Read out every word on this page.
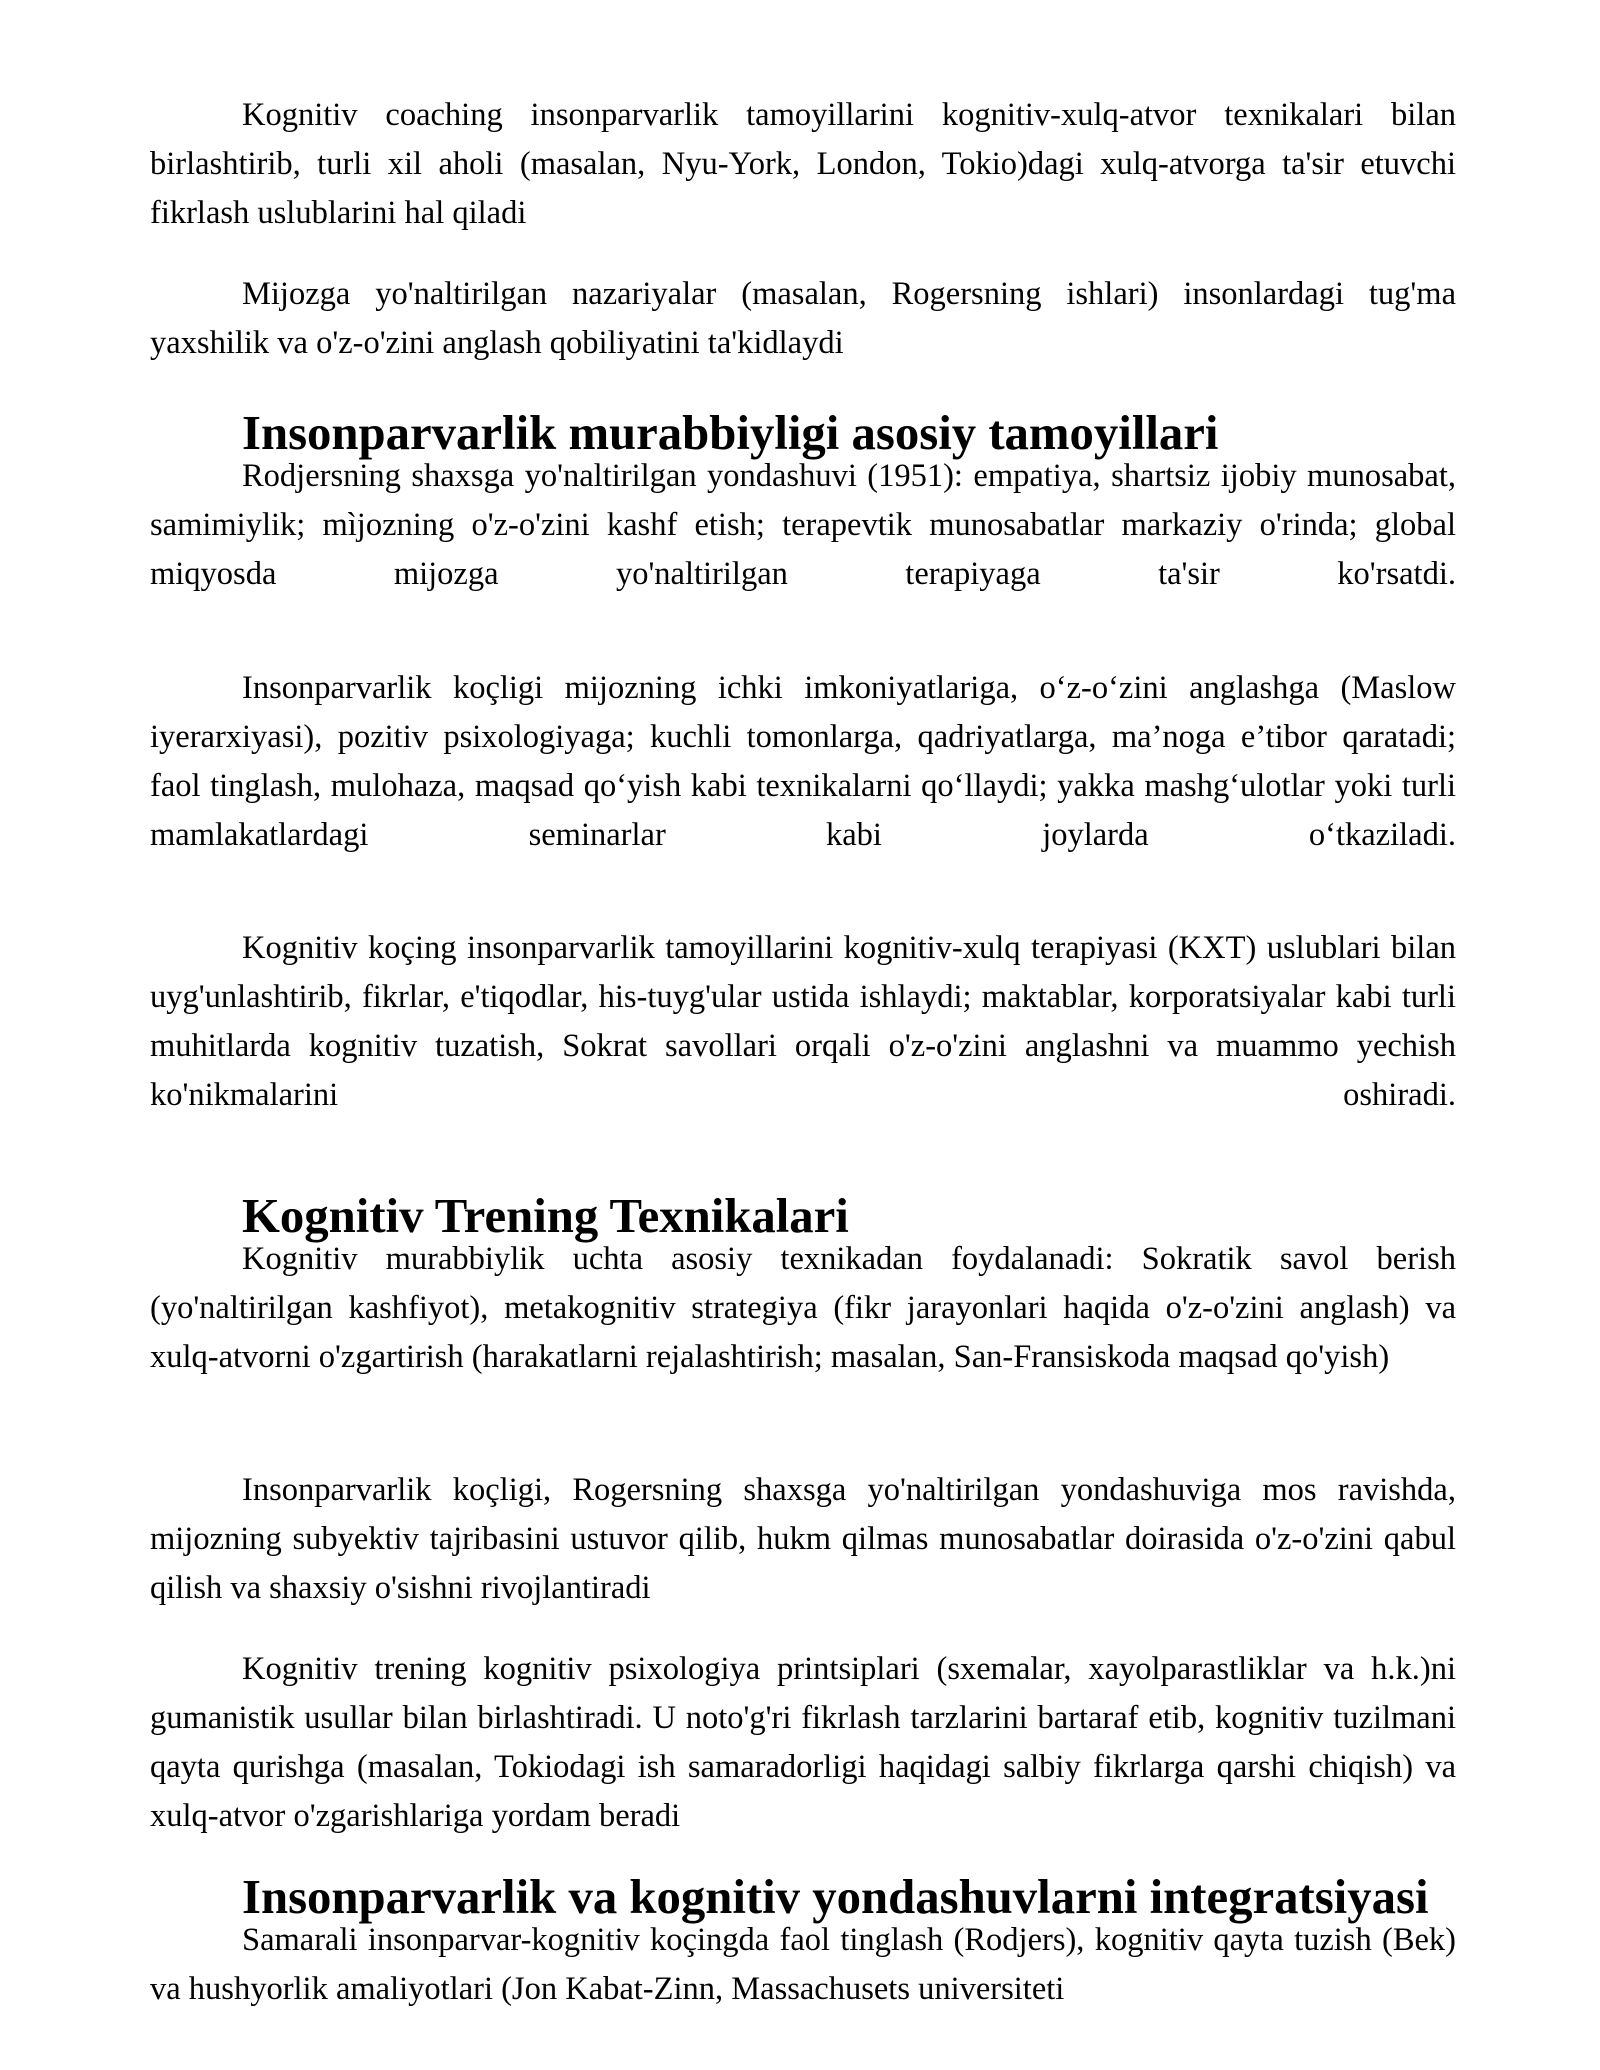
Kognitiv coaching insonparvarlik tamoyillarini kognitiv-xulq-atvor texnikalari bilan birlashtirib, turli xil aholi (masalan, Nyu-York, London, Tokio)dagi xulq-atvorga ta'sir etuvchi fikrlash uslublarini hal qiladi

Mijozga yo'naltirilgan nazariyalar (masalan, Rogersning ishlari) insonlardagi tug'ma yaxshilik va o'z-o'zini anglash qobiliyatini ta'kidlaydi

Insonparvarlik murabbiyligi asosiy tamoyillari

Rodjersning shaxsga yo'naltirilgan yondashuvi (1951): empatiya, shartsiz ijobiy munosabat, samimiylik; mìjozning o'z-o'zini kashf etish; terapevtik munosabatlar markaziy o'rinda; global miqyosda mijozga yo'naltirilgan terapiyaga ta'sir ko'rsatdi.

Insonparvarlik koçligi mijozning ichki imkoniyatlariga, o‘z-o‘zini anglashga (Maslow iyerarxiyasi), pozitiv psixologiyaga; kuchli tomonlarga, qadriyatlarga, ma’noga e’tibor qaratadi; faol tinglash, mulohaza, maqsad qo‘yish kabi texnikalarni qo‘llaydi; yakka mashg‘ulotlar yoki turli mamlakatlardagi seminarlar kabi joylarda o‘tkaziladi.

Kognitiv koçing insonparvarlik tamoyillarini kognitiv-xulq terapiyasi (KXT) uslublari bilan uyg'unlashtirib, fikrlar, e'tiqodlar, his-tuyg'ular ustida ishlaydi; maktablar, korporatsiyalar kabi turli muhitlarda kognitiv tuzatish, Sokrat savollari orqali o'z-o'zini anglashni va muammo yechish ko'nikmalarini oshiradi.

Kognitiv Trening Texnikalari

Kognitiv murabbiylik uchta asosiy texnikadan foydalanadi: Sokratik savol berish (yo'naltirilgan kashfiyot), metakognitiv strategiya (fikr jarayonlari haqida o'z-o'zini anglash) va xulq-atvorni o'zgartirish (harakatlarni rejalashtirish; masalan, San-Fransiskoda maqsad qo'yish)

Insonparvarlik koçligi, Rogersning shaxsga yo'naltirilgan yondashuviga mos ravishda, mijozning subyektiv tajribasini ustuvor qilib, hukm qilmas munosabatlar doirasida o'z-o'zini qabul qilish va shaxsiy o'sishni rivojlantiradi

Kognitiv trening kognitiv psixologiya printsiplari (sxemalar, xayolparastliklar va h.k.)ni gumanistik usullar bilan birlashtiradi. U noto'g'ri fikrlash tarzlarini bartaraf etib, kognitiv tuzilmani qayta qurishga (masalan, Tokiodagi ish samaradorligi haqidagi salbiy fikrlarga qarshi chiqish) va xulq-atvor o'zgarishlariga yordam beradi

Insonparvarlik va kognitiv yondashuvlarni integratsiyasi

Samarali insonparvar-kognitiv koçingda faol tinglash (Rodjers), kognitiv qayta tuzish (Bek) va hushyorlik amaliyotlari (Jon Kabat-Zinn, Massachusets universiteti
